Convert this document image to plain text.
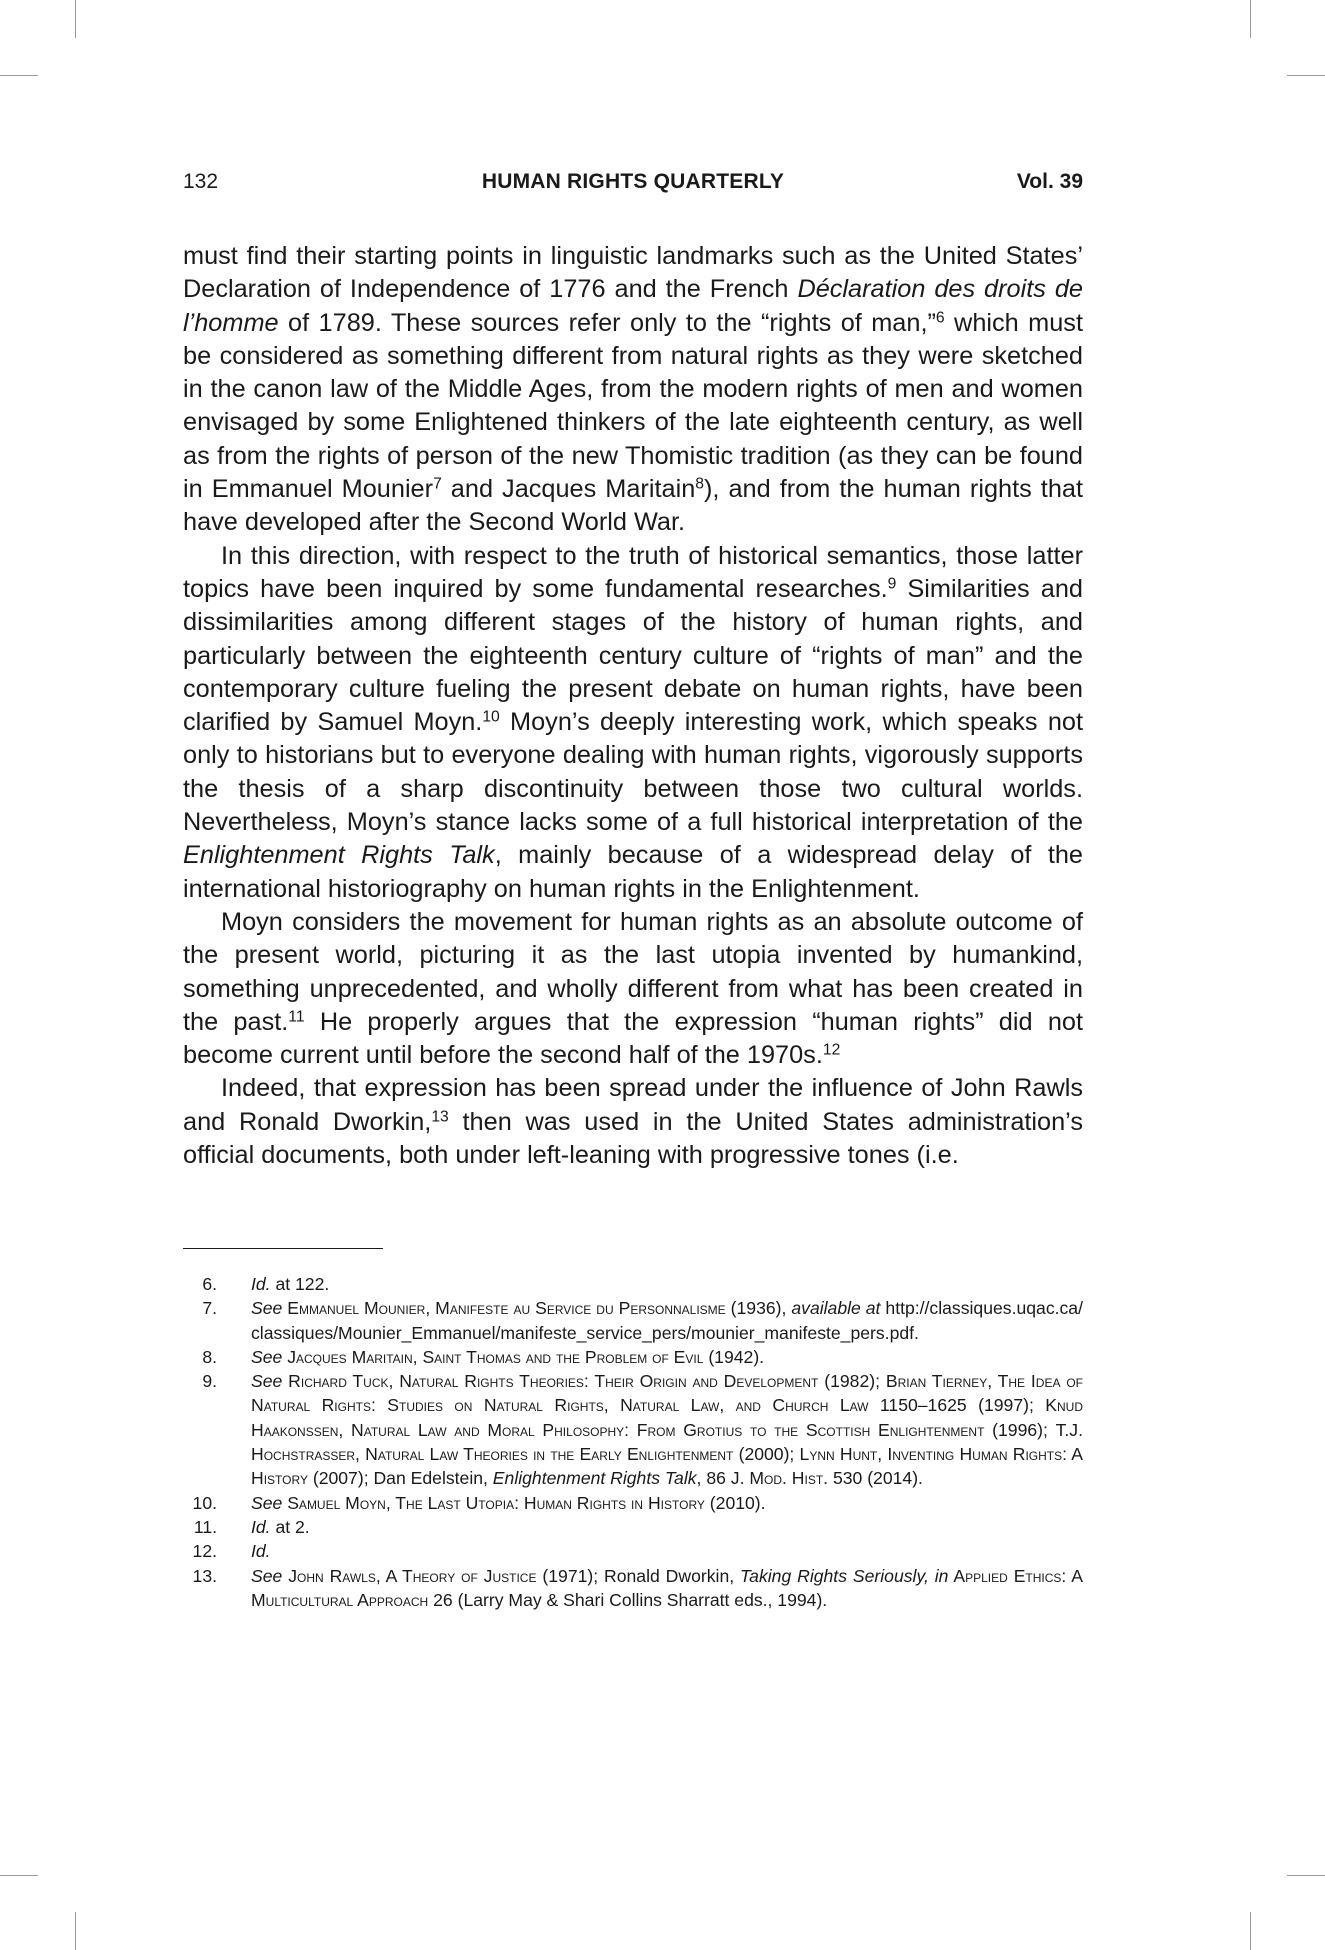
132	HUMAN RIGHTS QUARTERLY	Vol. 39

must find their starting points in linguistic landmarks such as the United States’ Declaration of Independence of 1776 and the French Déclaration des droits de l’homme of 1789. These sources refer only to the “rights of man,”$^6$ which must be considered as something different from natural rights as they were sketched in the canon law of the Middle Ages, from the modern rights of men and women envisaged by some Enlightened thinkers of the late eighteenth century, as well as from the rights of person of the new Thomistic tradition (as they can be found in Emmanuel Mounier$^7$ and Jacques Maritain$^8$), and from the human rights that have developed after the Second World War.

In this direction, with respect to the truth of historical semantics, those latter topics have been inquired by some fundamental researches.$^9$ Similarities and dissimilarities among different stages of the history of human rights, and particularly between the eighteenth century culture of “rights of man” and the contemporary culture fueling the present debate on human rights, have been clarified by Samuel Moyn.$^{10}$ Moyn’s deeply interesting work, which speaks not only to historians but to everyone dealing with human rights, vigorously supports the thesis of a sharp discontinuity between those two cultural worlds. Nevertheless, Moyn’s stance lacks some of a full historical interpretation of the Enlightenment Rights Talk, mainly because of a widespread delay of the international historiography on human rights in the Enlightenment.

Moyn considers the movement for human rights as an absolute outcome of the present world, picturing it as the last utopia invented by humankind, something unprecedented, and wholly different from what has been created in the past.$^{11}$ He properly argues that the expression “human rights” did not become current until before the second half of the 1970s.$^{12}$

Indeed, that expression has been spread under the influence of John Rawls and Ronald Dworkin,$^{13}$ then was used in the United States administration’s official documents, both under left-leaning with progressive tones (i.e.

6. Id. at 122.

7. See Emmanuel Mounier, Manifeste au Service du Personnalisme (1936), available at http://classiques.uqac.ca/classiques/Mounier_Emmanuel/manifeste_service_pers/mounier_manifeste_pers.pdf.

8. See Jacques Maritain, Saint Thomas and the Problem of Evil (1942).

9. See Richard Tuck, Natural Rights Theories: Their Origin and Development (1982); Brian Tierney, The Idea of Natural Rights: Studies on Natural Rights, Natural Law, and Church Law 1150–1625 (1997); Knud Haakonssen, Natural Law and Moral Philosophy: From Grotius to the Scottish Enlightenment (1996); T.J. Hochstrasser, Natural Law Theories in the Early Enlightenment (2000); Lynn Hunt, Inventing Human Rights: A History (2007); Dan Edelstein, Enlightenment Rights Talk, 86 J. Mod. Hist. 530 (2014).

10. See Samuel Moyn, The Last Utopia: Human Rights in History (2010).

11. Id. at 2.

12. Id.

13. See John Rawls, A Theory of Justice (1971); Ronald Dworkin, Taking Rights Seriously, in Applied Ethics: A Multicultural Approach 26 (Larry May & Shari Collins Sharratt eds., 1994).
